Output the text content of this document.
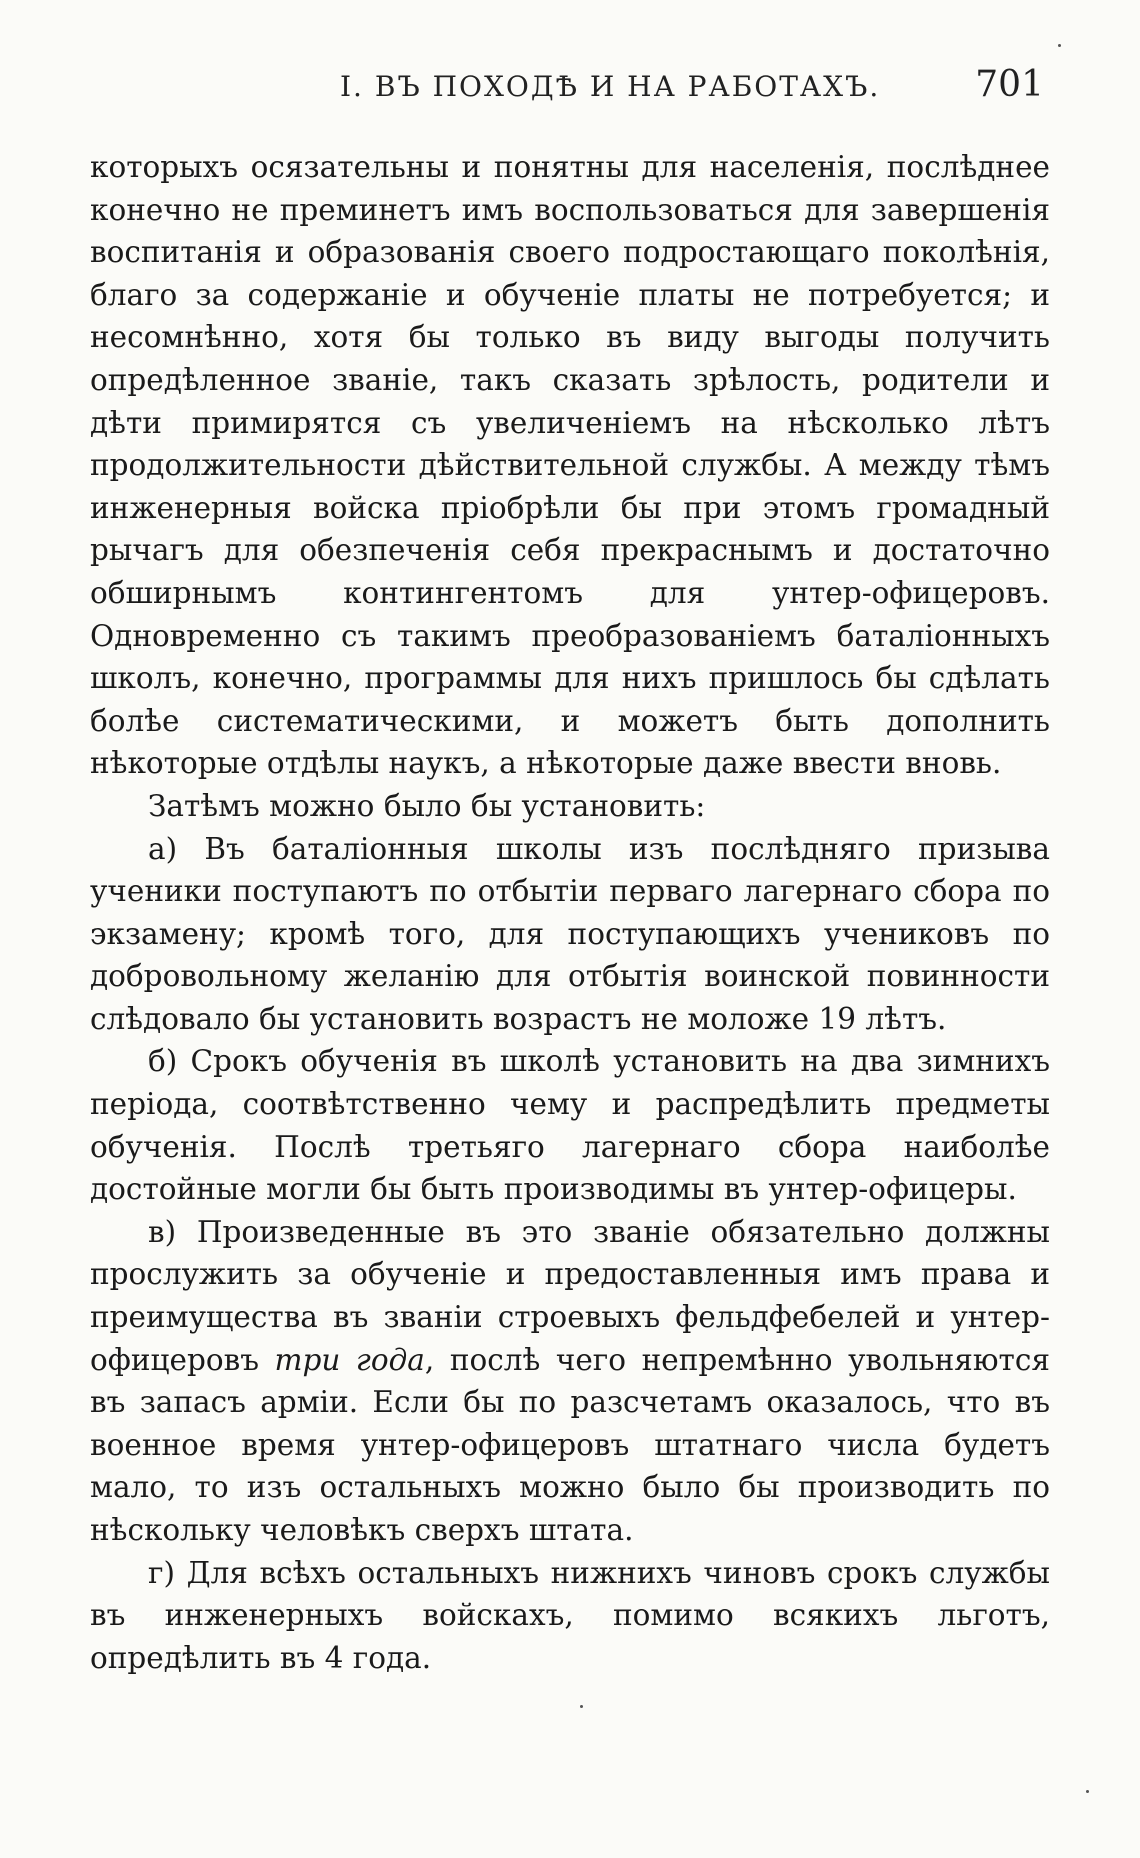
I. ВЪ ПОХОДѢ И НА РАБОТАХЪ.	701

которыхъ осязательны и понятны для населенія, послѣднее конечно не преминетъ имъ воспользоваться для завершенія воспитанія и образованія своего подростающаго поколѣнія, благо за содержаніе и обученіе платы не потребуется; и несомнѣнно, хотя бы только въ виду выгоды получить опредѣленное званіе, такъ сказать зрѣлость, родители и дѣти примирятся съ увеличеніемъ на нѣсколько лѣтъ продолжительности дѣйствительной службы. А между тѣмъ инженерныя войска пріобрѣли бы при этомъ громадный рычагъ для обезпеченія себя прекраснымъ и достаточно обширнымъ контингентомъ для унтер-офицеровъ. Одновременно съ такимъ преобразованіемъ баталіонныхъ школъ, конечно, программы для нихъ пришлось бы сдѣлать болѣе систематическими, и можетъ быть дополнить нѣкоторые отдѣлы наукъ, а нѣкоторые даже ввести вновь.

Затѣмъ можно было бы установить:

а) Въ баталіонныя школы изъ послѣдняго призыва ученики поступаютъ по отбытіи перваго лагернаго сбора по экзамену; кромѣ того, для поступающихъ учениковъ по добровольному желанію для отбытія воинской повинности слѣдовало бы установить возрастъ не моложе 19 лѣтъ.

б) Срокъ обученія въ школѣ установить на два зимнихъ періода, соотвѣтственно чему и распредѣлить предметы обученія. Послѣ третьяго лагернаго сбора наиболѣе достойные могли бы быть производимы въ унтер-офицеры.

в) Произведенные въ это званіе обязательно должны прослужить за обученіе и предоставленныя имъ права и преимущества въ званіи строевыхъ фельдфебелей и унтер-офицеровъ три года, послѣ чего непремѣнно увольняются въ запасъ арміи. Если бы по разсчетамъ оказалось, что въ военное время унтер-офицеровъ штатнаго числа будетъ мало, то изъ остальныхъ можно было бы производить по нѣскольку человѣкъ сверхъ штата.

г) Для всѣхъ остальныхъ нижнихъ чиновъ срокъ службы въ инженерныхъ войскахъ, помимо всякихъ льготъ, опредѣлить въ 4 года.
